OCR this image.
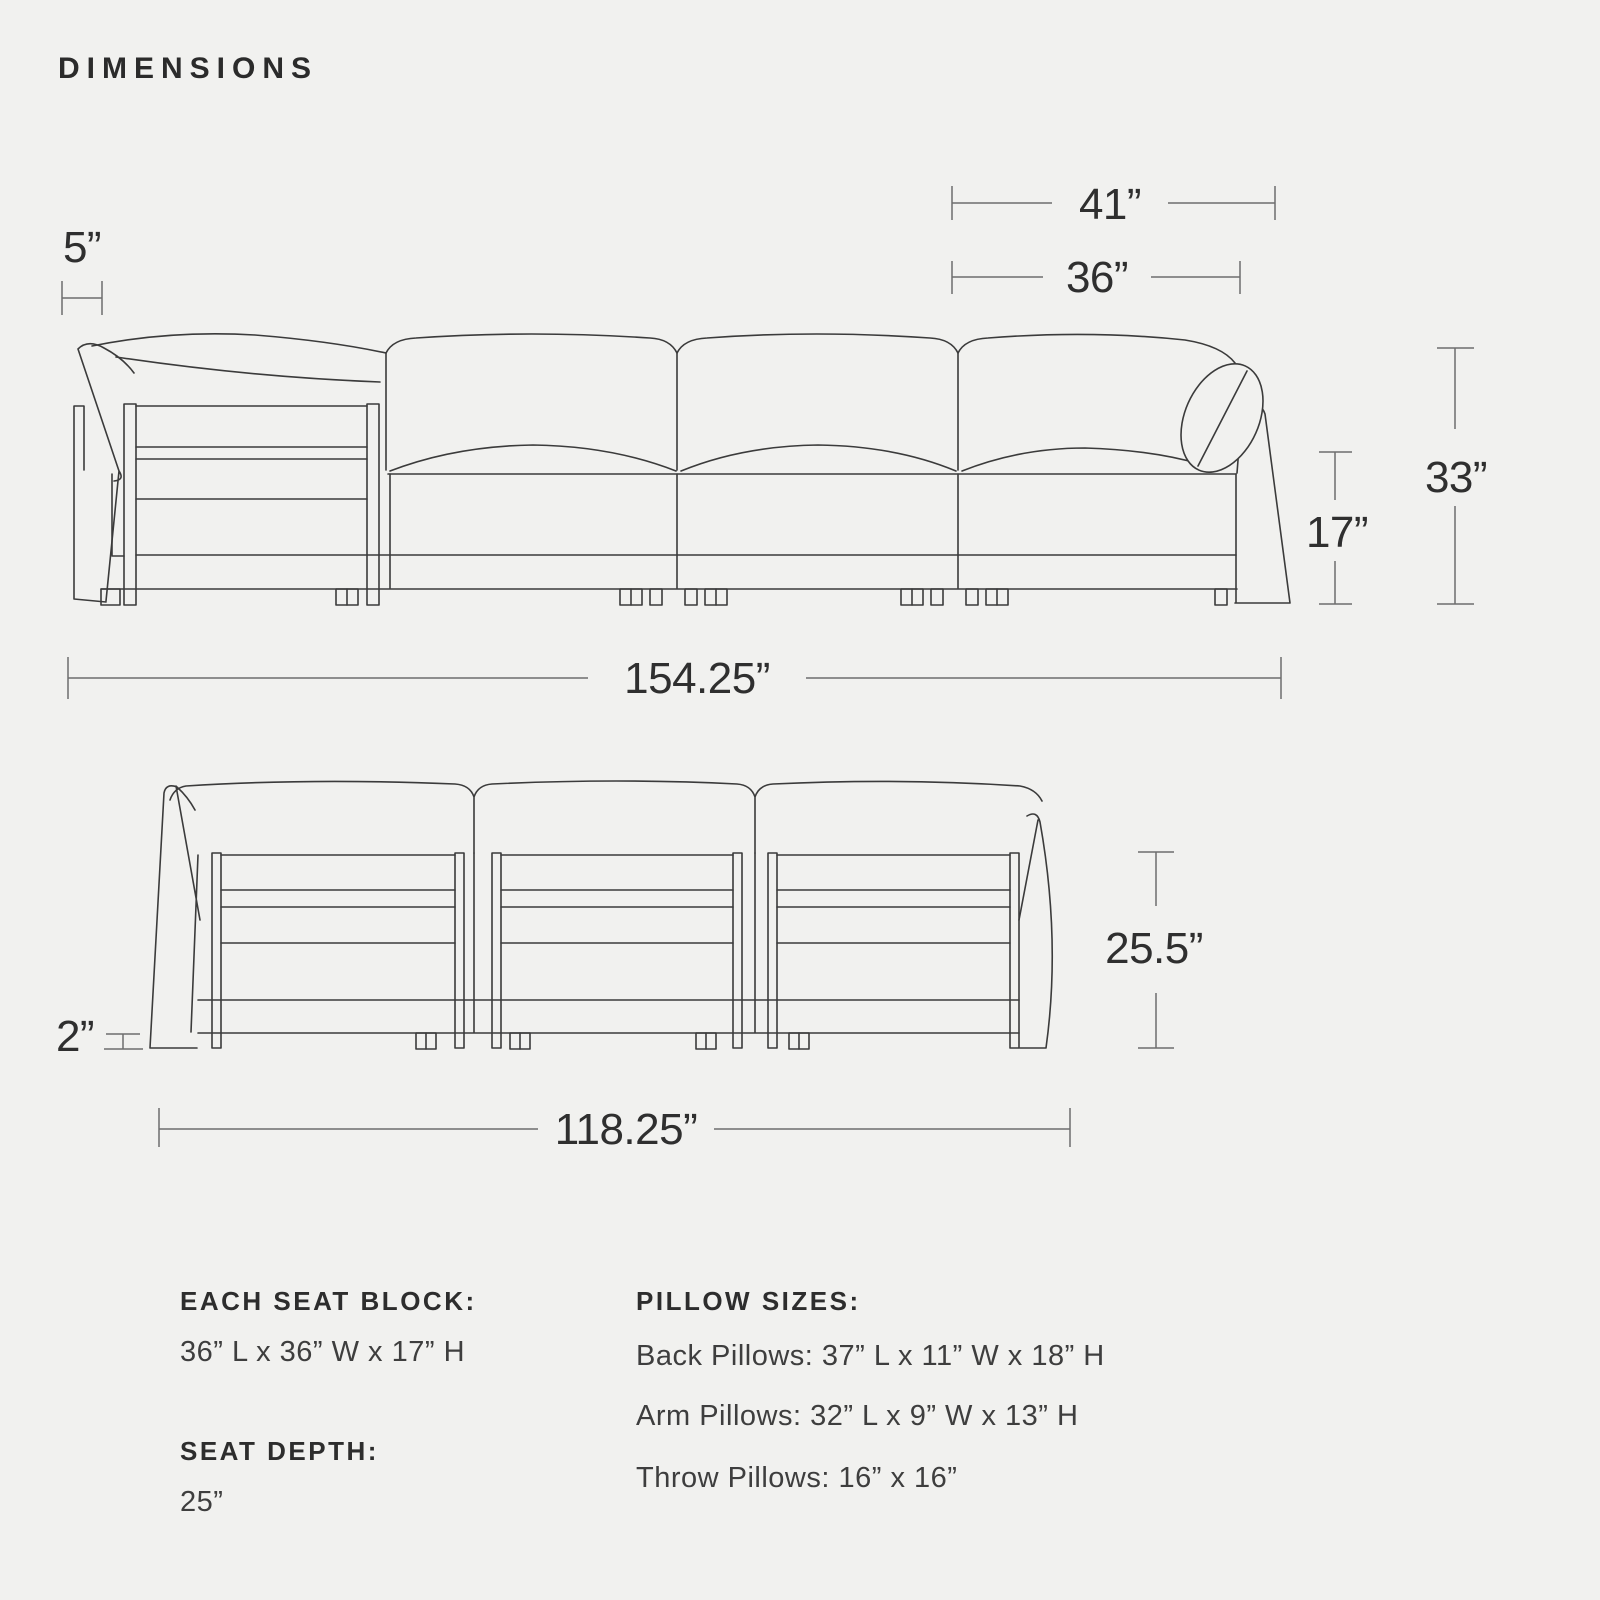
DIMENSIONS
5”
41”
36”
33”
17”
154.25”
25.5”
2”
118.25”
EACH SEAT BLOCK:
36” L x 36” W x 17” H
SEAT DEPTH:
25”
PILLOW SIZES:
Back Pillows: 37” L x 11” W x 18” H
Arm Pillows: 32” L x 9” W x 13” H
Throw Pillows: 16” x 16”
